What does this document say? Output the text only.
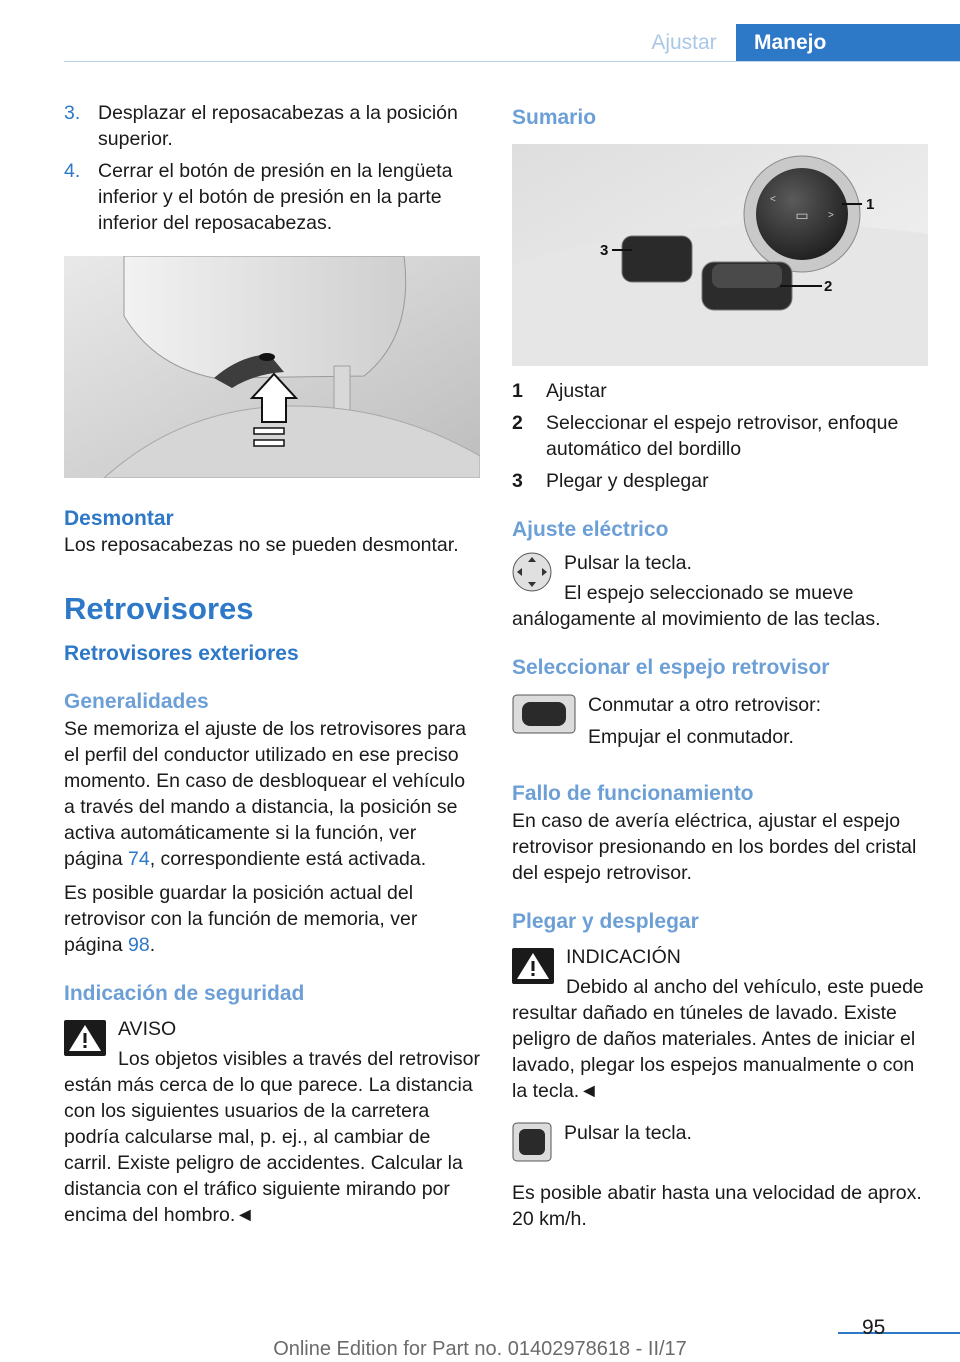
Ajustar	Manejo
3. Desplazar el reposacabezas a la posición superior.
4. Cerrar el botón de presión en la lengüeta inferior y el botón de presión en la parte inferior del reposacabezas.
Desmontar

Los reposacabezas no se pueden desmontar.

Retrovisores
Retrovisores exteriores
Generalidades

Se memoriza el ajuste de los retrovisores para el perfil del conductor utilizado en ese preciso momento. En caso de desbloquear el vehículo a través del mando a distancia, la posición se activa automáticamente si la función, ver página 74, correspondiente está activada.

Es posible guardar la posición actual del retrovisor con la función de memoria, ver página 98.

Indicación de seguridad

AVISO

Los objetos visibles a través del retrovisor están más cerca de lo que parece. La distancia con los siguientes usuarios de la carretera podría calcularse mal, p. ej., al cambiar de carril. Existe peligro de accidentes. Calcular la distancia con el tráfico siguiente mirando por encima del hombro.◄

Sumario
▭
<
>
1
2
3
1 Ajustar
2 Seleccionar el espejo retrovisor, enfoque automático del bordillo
3 Plegar y desplegar
Ajuste eléctrico

Pulsar la tecla.

El espejo seleccionado se mueve análogamente al movimiento de las teclas.

Seleccionar el espejo retrovisor

Conmutar a otro retrovisor:

Empujar el conmutador.

Fallo de funcionamiento

En caso de avería eléctrica, ajustar el espejo retrovisor presionando en los bordes del cristal del espejo retrovisor.

Plegar y desplegar

INDICACIÓN

Debido al ancho del vehículo, este puede resultar dañado en túneles de lavado. Existe peligro de daños materiales. Antes de iniciar el lavado, plegar los espejos manualmente o con la tecla.◄

Pulsar la tecla.

Es posible abatir hasta una velocidad de aprox. 20 km/h.

95
Online Edition for Part no. 01402978618 - II/17
